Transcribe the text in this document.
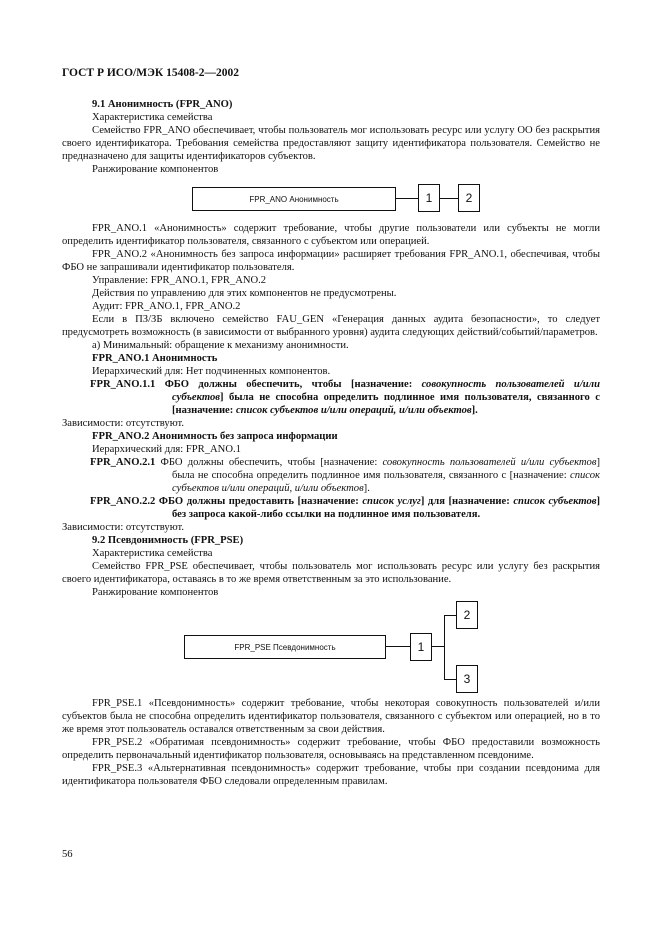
ГОСТ Р ИСО/МЭК 15408-2—2002

9.1 Анонимность (FPR_ANO)

Характеристика семейства

Семейство FPR_ANO обеспечивает, чтобы пользователь мог использовать ресурс или услугу ОО без раскрытия своего идентификатора. Требования семейства предоставляют защиту идентификатора пользователя. Семейство не предназначено для защиты идентификаторов субъектов.

Ранжирование компонентов

FPR_ANO Анонимность	1	2

FPR_ANO.1 «Анонимность» содержит требование, чтобы другие пользователи или субъекты не могли определить идентификатор пользователя, связанного с субъектом или операцией.

FPR_ANO.2 «Анонимность без запроса информации» расширяет требования FPR_ANO.1, обеспечивая, чтобы ФБО не запрашивали идентификатор пользователя.

Управление: FPR_ANO.1, FPR_ANO.2

Действия по управлению для этих компонентов не предусмотрены.

Аудит: FPR_ANO.1, FPR_ANO.2

Если в ПЗ/ЗБ включено семейство FAU_GEN «Генерация данных аудита безопасности», то следует предусмотреть возможность (в зависимости от выбранного уровня) аудита следующих действий/событий/параметров.

а) Минимальный: обращение к механизму анонимности.

FPR_ANO.1 Анонимность

Иерархический для: Нет подчиненных компонентов.

FPR_ANO.1.1 ФБО должны обеспечить, чтобы [назначение: совокупность пользователей и/или субъектов] была не способна определить подлинное имя пользователя, связанного с [назначение: список субъектов и/или операций, и/или объектов].

Зависимости: отсутствуют.

FPR_ANO.2 Анонимность без запроса информации

Иерархический для: FPR_ANO.1

FPR_ANO.2.1 ФБО должны обеспечить, чтобы [назначение: совокупность пользователей и/или субъектов] была не способна определить подлинное имя пользователя, связанного с [назначение: список субъектов и/или операций, и/или объектов].

FPR_ANO.2.2 ФБО должны предоставить [назначение: список услуг] для [назначение: список субъектов] без запроса какой-либо ссылки на подлинное имя пользователя.

Зависимости: отсутствуют.

9.2 Псевдонимность (FPR_PSE)

Характеристика семейства

Семейство FPR_PSE обеспечивает, чтобы пользователь мог использовать ресурс или услугу без раскрытия своего идентификатора, оставаясь в то же время ответственным за это использование.

Ранжирование компонентов

FPR_PSE Псевдонимность	1
2
3

FPR_PSE.1 «Псевдонимность» содержит требование, чтобы некоторая совокупность пользователей и/или субъектов была не способна определить идентификатор пользователя, связанного с субъектом или операцией, но в то же время этот пользователь оставался ответственным за свои действия.

FPR_PSE.2 «Обратимая псевдонимность» содержит требование, чтобы ФБО предоставили возможность определить первоначальный идентификатор пользователя, основываясь на представленном псевдониме.

FPR_PSE.3 «Альтернативная псевдонимность» содержит требование, чтобы при создании псевдонима для идентификатора пользователя ФБО следовали определенным правилам.

56
